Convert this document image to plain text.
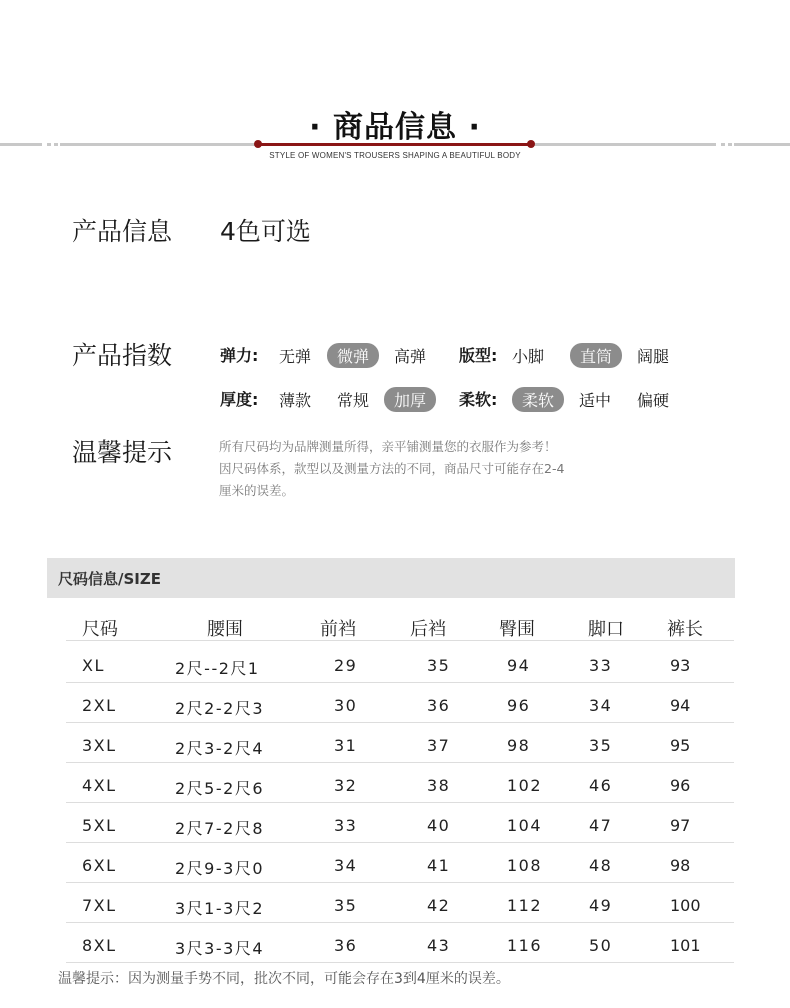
· 商品信息 ·
STYLE OF WOMEN'S TROUSERS SHAPING A BEAUTIFUL BODY
产品信息 4色可选
产品指数	弹力: 无弹	微弹	高弹 版型: 小脚	直筒	阔腿
厚度: 薄款 常规	加厚	柔软:	柔软	适中 偏硬
温馨提示	所有尺码均为品牌测量所得，亲平铺测量您的衣服作为参考！
因尺码体系，款型以及测量方法的不同，商品尺寸可能存在2-4
厘米的误差。
尺码信息/SIZE
尺码	腰围	前裆	后裆	臀围	脚口 裤长
XL	2尺--2尺1	29	35	94	33	93
2XL	2尺2-2尺3	30	36	96	34	94
3XL	2尺3-2尺4	31	37	98	35	95
4XL	2尺5-2尺6	32	38	102	46	96
5XL	2尺7-2尺8	33	40	104	47	97
6XL	2尺9-3尺0	34	41	108	48	98
7XL	3尺1-3尺2	35	42	112	49	100
8XL	3尺3-3尺4	36	43	116	50	101
温馨提示：因为测量手势不同，批次不同，可能会存在3到4厘米的误差。
